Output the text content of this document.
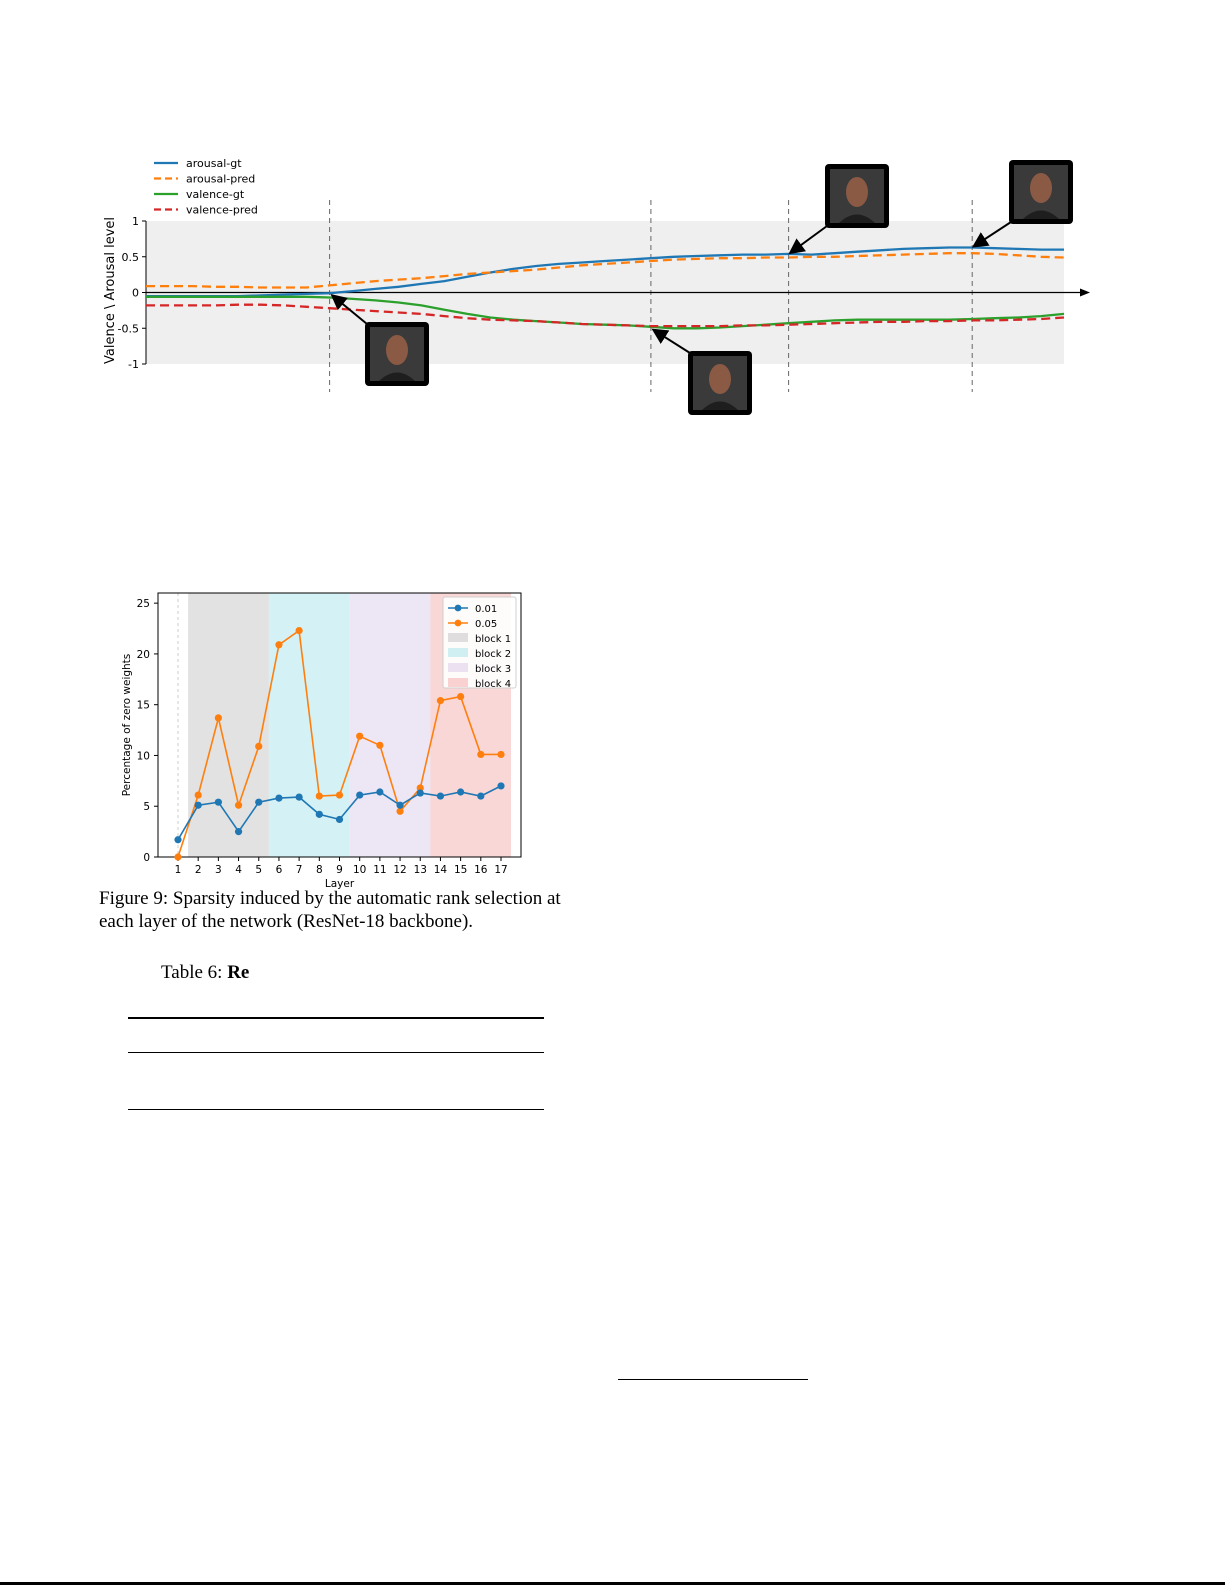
1
0.5
0
-0.5
-1
Valence \ Arousal level
arousal-gt
arousal-pred
valence-gt
valence-pred
0
5
10
15
20
25
1 2 3 4 5 6 7 8 9 10 11 12 13 14 15 16 17
Layer
Percentage of zero weights
0.01
0.05
block 1
block 2
block 3
block 4
Figure 9: Sparsity induced by the automatic rank selection at each layer of the network (ResNet-18 backbone).
Table 6: Re
